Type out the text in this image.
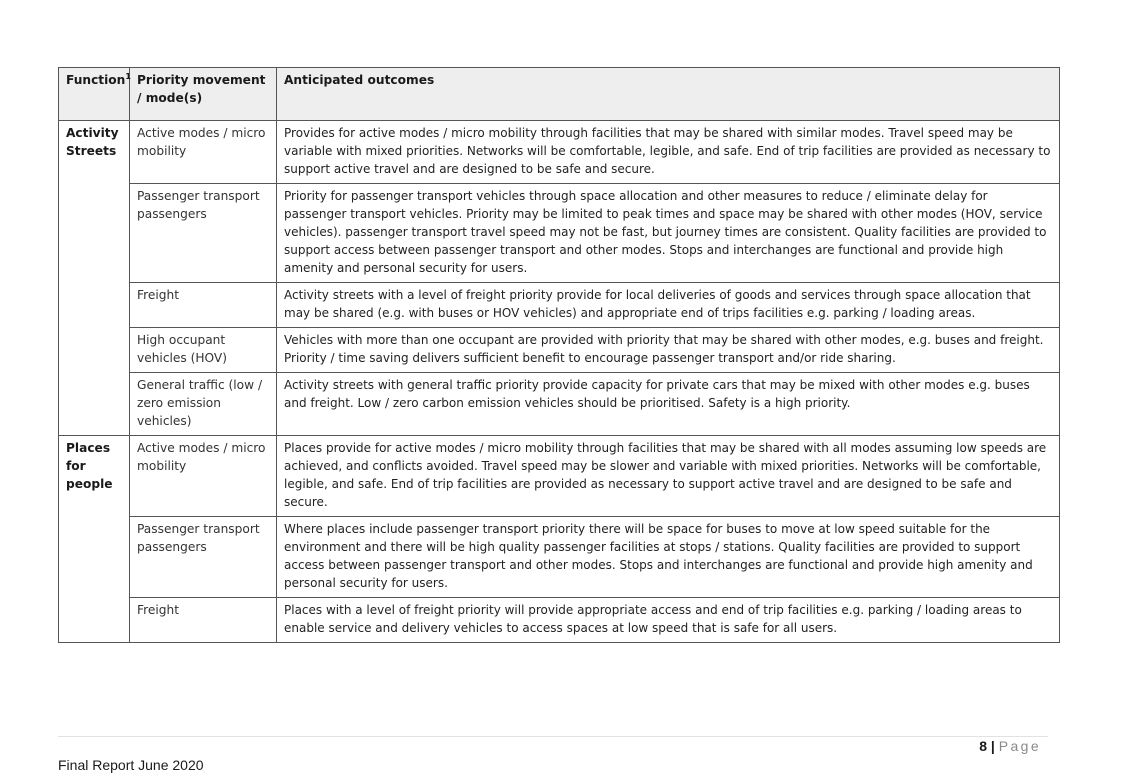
Function$^1$	Priority movement / mode(s)	Anticipated outcomes
Activity Streets	Active modes / micro mobility	Provides for active modes / micro mobility through facilities that may be shared with similar modes. Travel speed may be variable with mixed priorities. Networks will be comfortable, legible, and safe. End of trip facilities are provided as necessary to support active travel and are designed to be safe and secure.
	Passenger transport passengers	Priority for passenger transport vehicles through space allocation and other measures to reduce / eliminate delay for passenger transport vehicles. Priority may be limited to peak times and space may be shared with other modes (HOV, service vehicles). passenger transport travel speed may not be fast, but journey times are consistent. Quality facilities are provided to support access between passenger transport and other modes. Stops and interchanges are functional and provide high amenity and personal security for users.
	Freight	Activity streets with a level of freight priority provide for local deliveries of goods and services through space allocation that may be shared (e.g. with buses or HOV vehicles) and appropriate end of trips facilities e.g. parking / loading areas.
	High occupant vehicles (HOV)	Vehicles with more than one occupant are provided with priority that may be shared with other modes, e.g. buses and freight. Priority / time saving delivers sufficient benefit to encourage passenger transport and/or ride sharing.
	General traffic (low / zero emission vehicles)	Activity streets with general traffic priority provide capacity for private cars that may be mixed with other modes e.g. buses and freight. Low / zero carbon emission vehicles should be prioritised. Safety is a high priority.
Places for people	Active modes / micro mobility	Places provide for active modes / micro mobility through facilities that may be shared with all modes assuming low speeds are achieved, and conflicts avoided. Travel speed may be slower and variable with mixed priorities. Networks will be comfortable, legible, and safe. End of trip facilities are provided as necessary to support active travel and are designed to be safe and secure.
	Passenger transport passengers	Where places include passenger transport priority there will be space for buses to move at low speed suitable for the environment and there will be high quality passenger facilities at stops / stations. Quality facilities are provided to support access between passenger transport and other modes. Stops and interchanges are functional and provide high amenity and personal security for users.
	Freight	Places with a level of freight priority will provide appropriate access and end of trip facilities e.g. parking / loading areas to enable service and delivery vehicles to access spaces at low speed that is safe for all users.
8 | Page
Final Report June 2020
